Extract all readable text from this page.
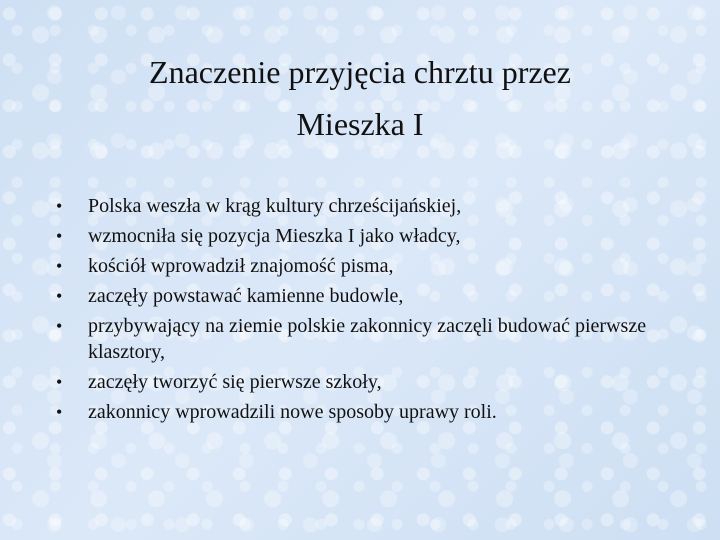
Znaczenie przyjęcia chrztu przez
Mieszka I
• Polska weszła w krąg kultury chrześcijańskiej,
• wzmocniła się pozycja Mieszka I jako władcy,
• kościół wprowadził znajomość pisma,
• zaczęły powstawać kamienne budowle,
• przybywający na ziemie polskie zakonnicy zaczęli budować pierwsze klasztory,
• zaczęły tworzyć się pierwsze szkoły,
• zakonnicy wprowadzili nowe sposoby uprawy roli.
